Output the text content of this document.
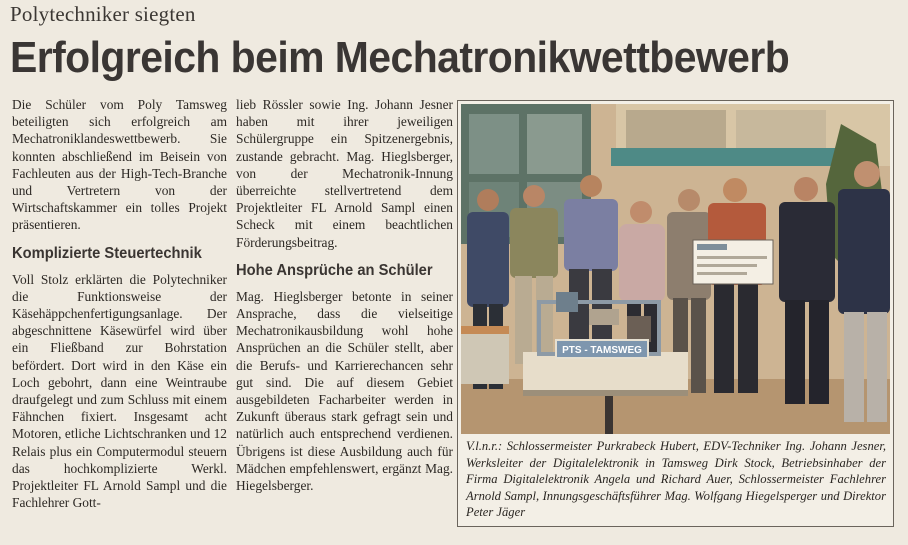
Polytechniker siegten
Erfolgreich beim Mechatronikwettbewerb

Die Schüler vom Poly Tamsweg beteiligten sich erfolgreich am Mechatroniklandeswettbewerb. Sie konnten abschließend im Beisein von Fachleuten aus der High-Tech-Branche und Vertretern von der Wirtschaftskammer ein tolles Projekt präsentieren.

Komplizierte Steuertechnik

Voll Stolz erklärten die Polytechniker die Funktionsweise der Käsehäppchenfertigungsanlage. Der abgeschnittene Käsewürfel wird über ein Fließband zur Bohrstation befördert. Dort wird in den Käse ein Loch gebohrt, dann eine Weintraube draufgelegt und zum Schluss mit einem Fähnchen fixiert. Insgesamt acht Motoren, etliche Lichtschranken und 12 Relais plus ein Computermodul steuern das hochkomplizierte Werkl. Projektleiter FL Arnold Sampl und die Fachlehrer Gott-

lieb Rössler sowie Ing. Johann Jesner haben mit ihrer jeweiligen Schülergruppe ein Spitzenergebnis, zustande gebracht. Mag. Hieglsberger, von der Mechatronik-Innung überreichte stellvertretend dem Projektleiter FL Arnold Sampl einen Scheck mit einem beachtlichen Förderungsbeitrag.

Hohe Ansprüche an Schüler

Mag. Hieglsberger betonte in seiner Ansprache, dass die vielseitige Mechatronikausbildung wohl hohe Ansprüchen an die Schüler stellt, aber die Berufs- und Karrierechancen sehr gut sind. Die auf diesem Gebiet ausgebildeten Facharbeiter werden in Zukunft überaus stark gefragt sein und natürlich auch entsprechend verdienen. Übrigens ist diese Ausbildung auch für Mädchen empfehlenswert, ergänzt Mag. Hiegelsberger.

PTS - TAMSWEG
V.l.n.r.: Schlossermeister Purkrabeck Hubert, EDV-Techniker Ing. Johann Jesner, Werksleiter der Digitalelektronik in Tamsweg Dirk Stock, Betriebsinhaber der Firma Digitalelektronik Angela und Richard Auer, Schlossermeister Fachlehrer Arnold Sampl, Innungsgeschäftsführer Mag. Wolfgang Hiegelsperger und Direktor Peter Jäger
